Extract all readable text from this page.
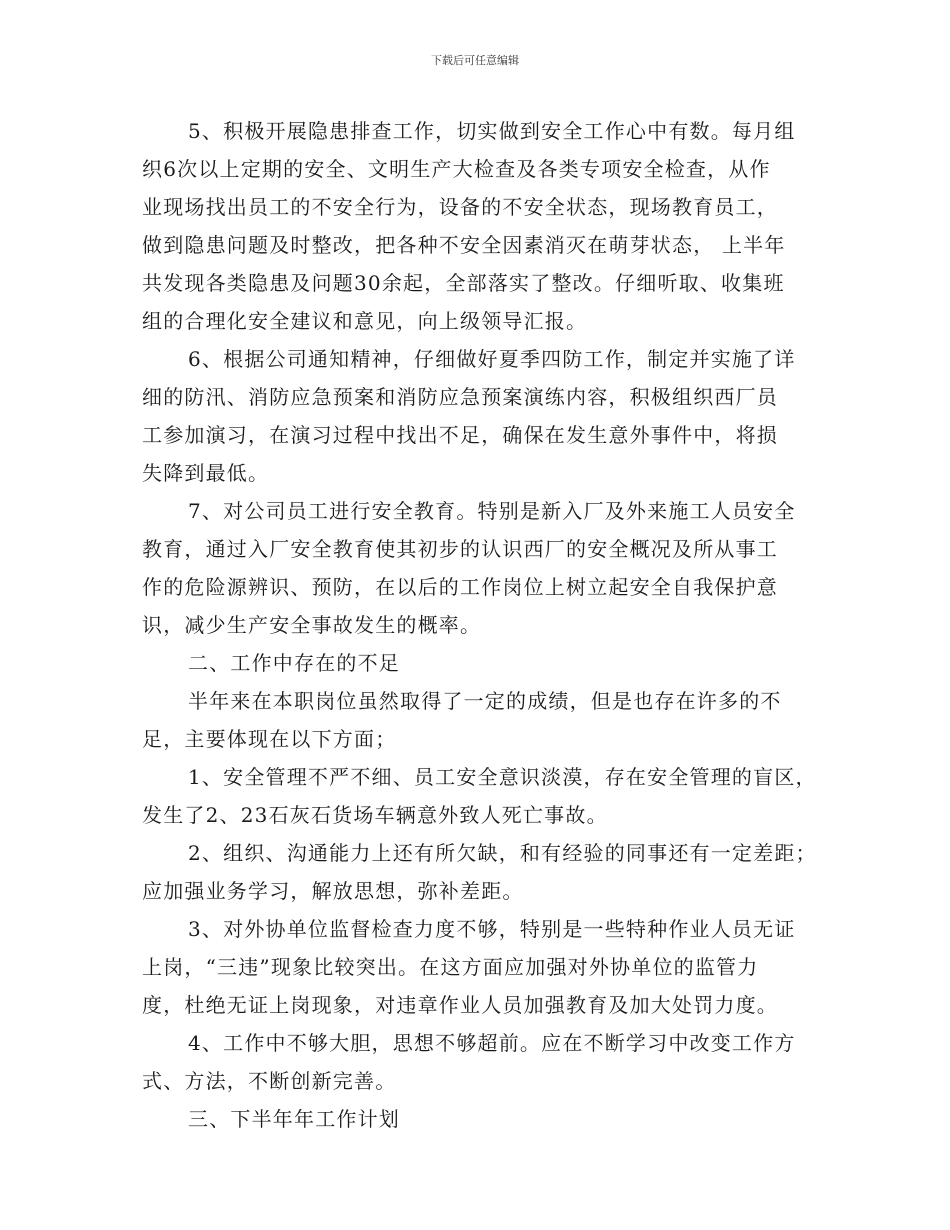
下载后可任意编辑
5、积极开展隐患排查工作，切实做到安全工作心中有数。每月组
织6次以上定期的安全、文明生产大检查及各类专项安全检查，从作
业现场找出员工的不安全行为，设备的不安全状态，现场教育员工，
做到隐患问题及时整改，把各种不安全因素消灭在萌芽状态， 上半年
共发现各类隐患及问题30余起，全部落实了整改。仔细听取、收集班
组的合理化安全建议和意见，向上级领导汇报。
6、根据公司通知精神，仔细做好夏季四防工作，制定并实施了详
细的防汛、消防应急预案和消防应急预案演练内容，积极组织西厂员
工参加演习，在演习过程中找出不足，确保在发生意外事件中，将损
失降到最低。
7、对公司员工进行安全教育。特别是新入厂及外来施工人员安全
教育，通过入厂安全教育使其初步的认识西厂的安全概况及所从事工
作的危险源辨识、预防，在以后的工作岗位上树立起安全自我保护意
识，减少生产安全事故发生的概率。
二、工作中存在的不足
半年来在本职岗位虽然取得了一定的成绩，但是也存在许多的不
足，主要体现在以下方面；
1、安全管理不严不细、员工安全意识淡漠，存在安全管理的盲区，
发生了2、23石灰石货场车辆意外致人死亡事故。
2、组织、沟通能力上还有所欠缺，和有经验的同事还有一定差距；
应加强业务学习，解放思想，弥补差距。
3、对外协单位监督检查力度不够，特别是一些特种作业人员无证
上岗，“三违”现象比较突出。在这方面应加强对外协单位的监管力
度，杜绝无证上岗现象，对违章作业人员加强教育及加大处罚力度。
4、工作中不够大胆，思想不够超前。应在不断学习中改变工作方
式、方法，不断创新完善。
三、下半年年工作计划
